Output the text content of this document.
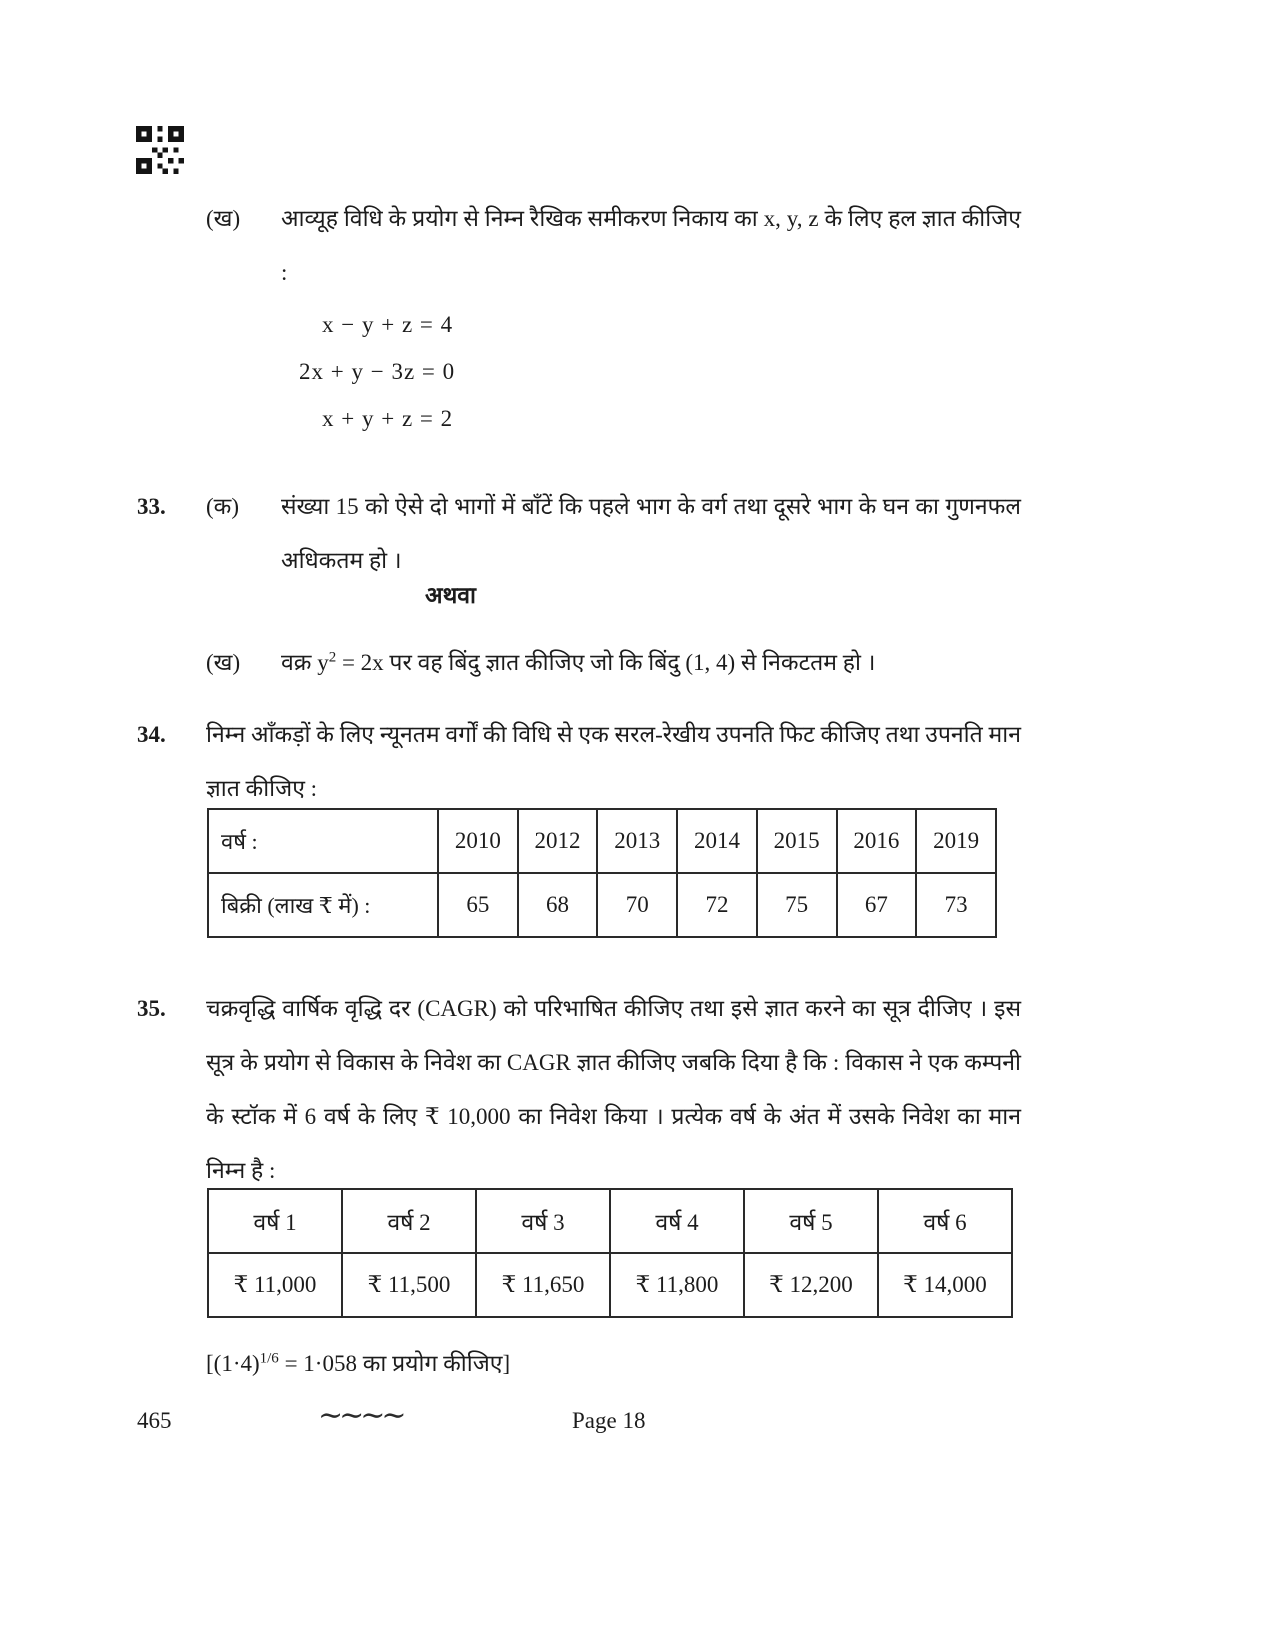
(ख) आव्यूह विधि के प्रयोग से निम्न रैखिक समीकरण निकाय का x, y, z के लिए हल ज्ञात कीजिए :
x − y + z = 4
2x + y − 3z = 0
x + y + z = 2
33. (क) संख्या 15 को ऐसे दो भागों में बाँटें कि पहले भाग के वर्ग तथा दूसरे भाग के घन का गुणनफल अधिकतम हो ।
अथवा
(ख) वक्र $y^2 = 2x$ पर वह बिंदु ज्ञात कीजिए जो कि बिंदु (1, 4) से निकटतम हो ।
34. निम्न आँकड़ों के लिए न्यूनतम वर्गों की विधि से एक सरल-रेखीय उपनति फिट कीजिए तथा उपनति मान ज्ञात कीजिए :
वर्ष :	2010	2012	2013	2014	2015	2016	2019
बिक्री (लाख ₹ में) :	65	68	70	72	75	67	73
35. चक्रवृद्धि वार्षिक वृद्धि दर (CAGR) को परिभाषित कीजिए तथा इसे ज्ञात करने का सूत्र दीजिए । इस सूत्र के प्रयोग से विकास के निवेश का CAGR ज्ञात कीजिए जबकि दिया है कि : विकास ने एक कम्पनी के स्टॉक में 6 वर्ष के लिए ₹ 10,000 का निवेश किया । प्रत्येक वर्ष के अंत में उसके निवेश का मान निम्न है :
वर्ष 1	वर्ष 2	वर्ष 3	वर्ष 4	वर्ष 5	वर्ष 6
₹ 11,000	₹ 11,500	₹ 11,650	₹ 11,800	₹ 12,200	₹ 14,000
[$(1\cdot 4)^{1/6} = 1\cdot 058$ का प्रयोग कीजिए]
465	∼∼∼∼	Page 18
